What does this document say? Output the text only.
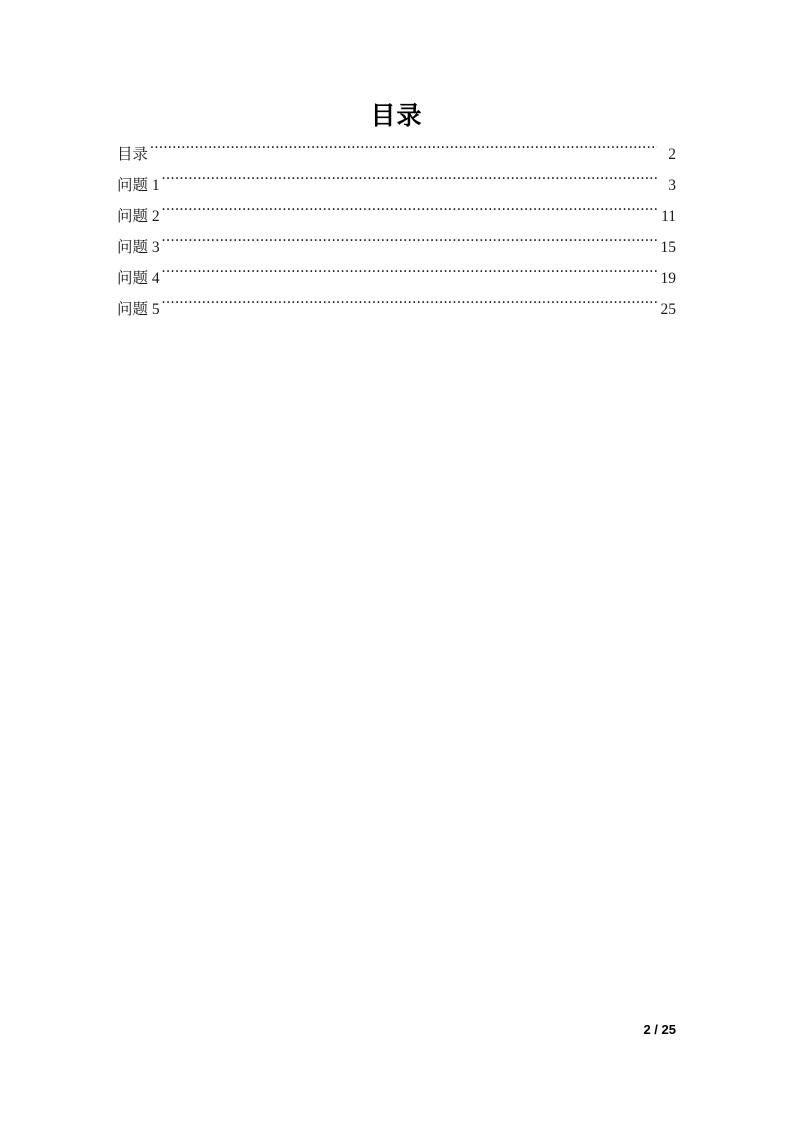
目录
目录 .....	2
问题 1 .....	3
问题 2 .....	11
问题 3 .....	15
问题 4 .....	19
问题 5 .....	25
2 / 25
